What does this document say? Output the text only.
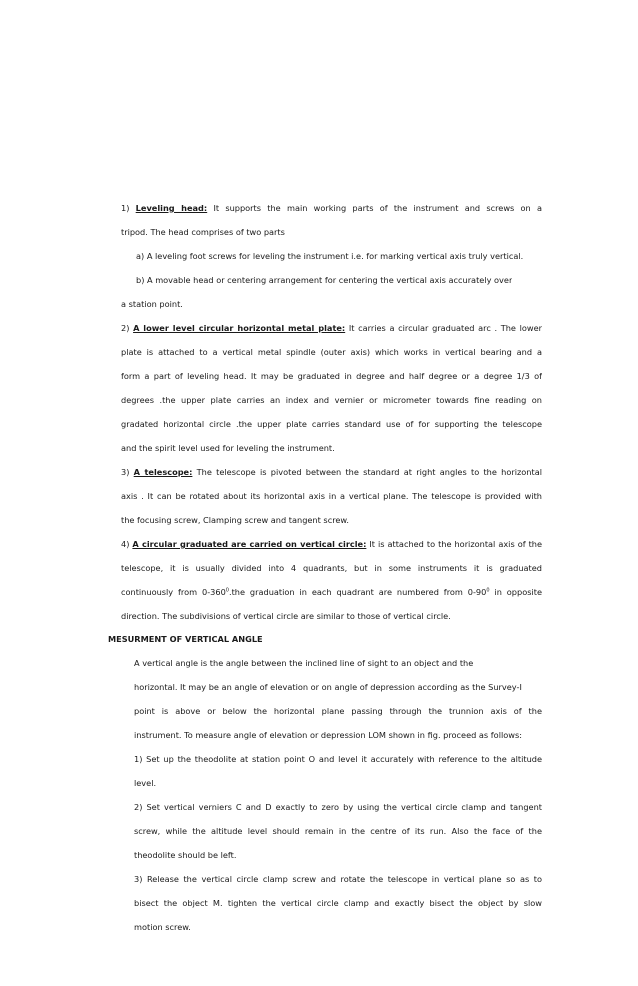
1) Leveling head: It supports the main working parts of the instrument and screws on a

tripod. The head comprises of two parts

a) A leveling foot screws for leveling the instrument i.e. for marking vertical axis truly vertical.

b) A movable head or centering arrangement for centering the vertical axis accurately over

a station point.

2) A lower level circular horizontal metal plate: It carries a circular graduated arc . The lower

plate is attached to a vertical metal spindle (outer axis) which works in vertical bearing and a

form a part of leveling head. It may be graduated in degree and half degree or a degree 1/3 of

degrees .the upper plate carries an index and vernier or micrometer towards fine reading on

gradated horizontal circle .the upper plate carries standard use of for supporting the telescope

and the spirit level used for leveling the instrument.

3) A telescope: The telescope is pivoted between the standard at right angles to the horizontal

axis . It can be rotated about its horizontal axis in a vertical plane. The telescope is provided with

the focusing screw, Clamping screw and tangent screw.

4) A circular graduated are carried on vertical circle: It is attached to the horizontal axis of the

telescope, it is usually divided into 4 quadrants, but in some instruments it is graduated

continuously from $0-360^0.the$ graduation in each quadrant are numbered from $0-90^0$ in opposite

direction. The subdivisions of vertical circle are similar to those of vertical circle.

MESURMENT OF VERTICAL ANGLE

A vertical angle is the angle between the inclined line of sight to an object and the

horizontal. It may be an angle of elevation or on angle of depression according as the Survey-I

point is above or below the horizontal plane passing through the trunnion axis of the

instrument. To measure angle of elevation or depression LOM shown in fig. proceed as follows:

1) Set up the theodolite at station point O and level it accurately with reference to the altitude

level.

2) Set vertical verniers C and D exactly to zero by using the vertical circle clamp and tangent

screw, while the altitude level should remain in the centre of its run. Also the face of the

theodolite should be left.

3) Release the vertical circle clamp screw and rotate the telescope in vertical plane so as to

bisect the object M. tighten the vertical circle clamp and exactly bisect the object by slow

motion screw.
